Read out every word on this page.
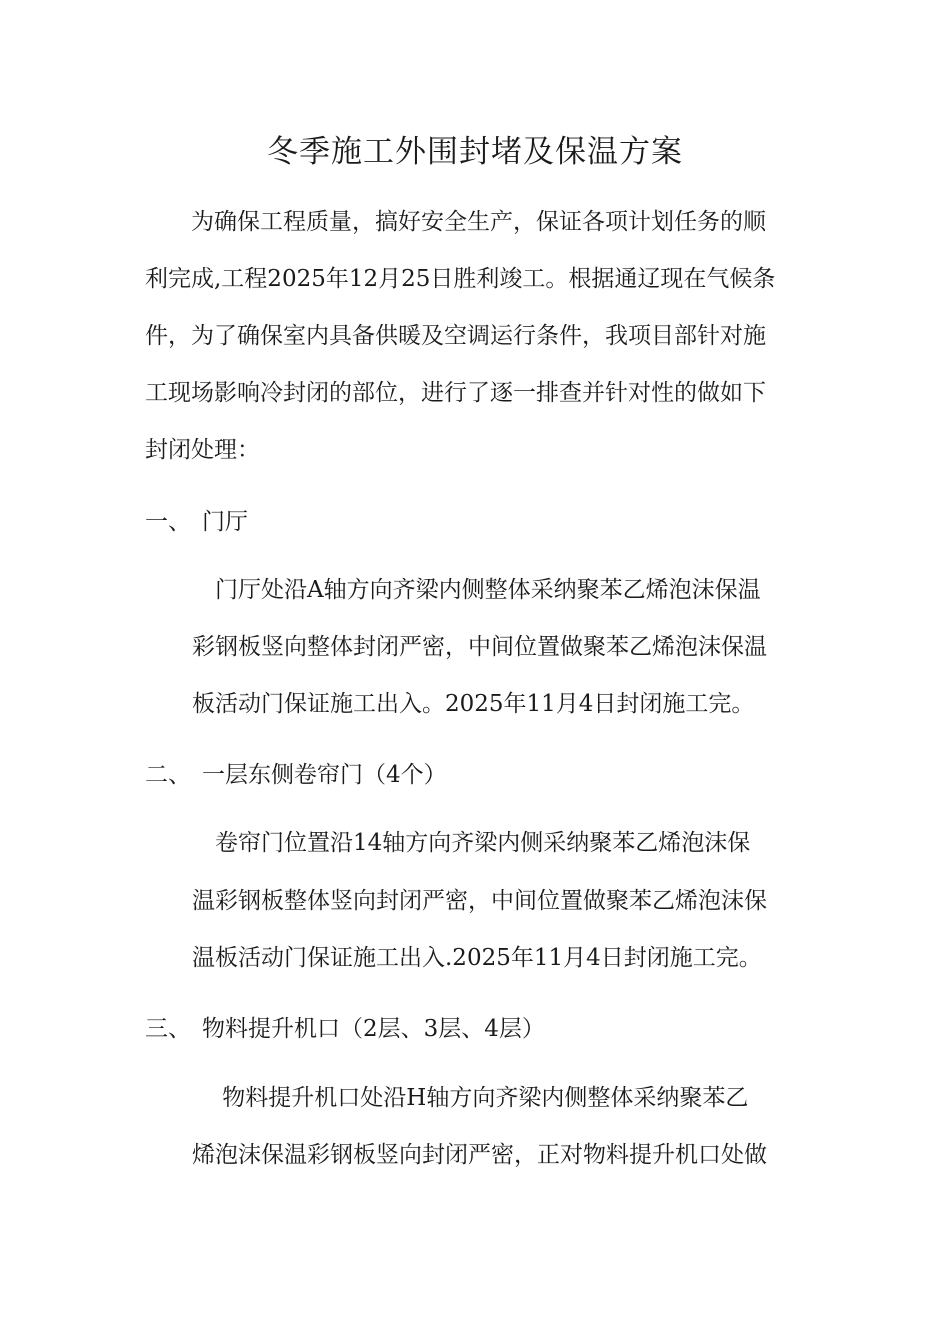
冬季施工外围封堵及保温方案
　　为确保工程质量，搞好安全生产，保证各项计划任务的顺
利完成,工程2025年12月25日胜利竣工。根据通辽现在气候条
件，为了确保室内具备供暖及空调运行条件，我项目部针对施
工现场影响冷封闭的部位，进行了逐一排查并针对性的做如下
封闭处理：
一、 门厅
　门厅处沿A轴方向齐梁内侧整体采纳聚苯乙烯泡沫保温
彩钢板竖向整体封闭严密，中间位置做聚苯乙烯泡沫保温
板活动门保证施工出入。2025年11月4日封闭施工完。
二、 一层东侧卷帘门（4个）
　卷帘门位置沿14轴方向齐梁内侧采纳聚苯乙烯泡沫保
温彩钢板整体竖向封闭严密，中间位置做聚苯乙烯泡沫保
温板活动门保证施工出入.2025年11月4日封闭施工完。
三、 物料提升机口（2层、3层、4层）
　 物料提升机口处沿H轴方向齐梁内侧整体采纳聚苯乙
烯泡沫保温彩钢板竖向封闭严密，正对物料提升机口处做
